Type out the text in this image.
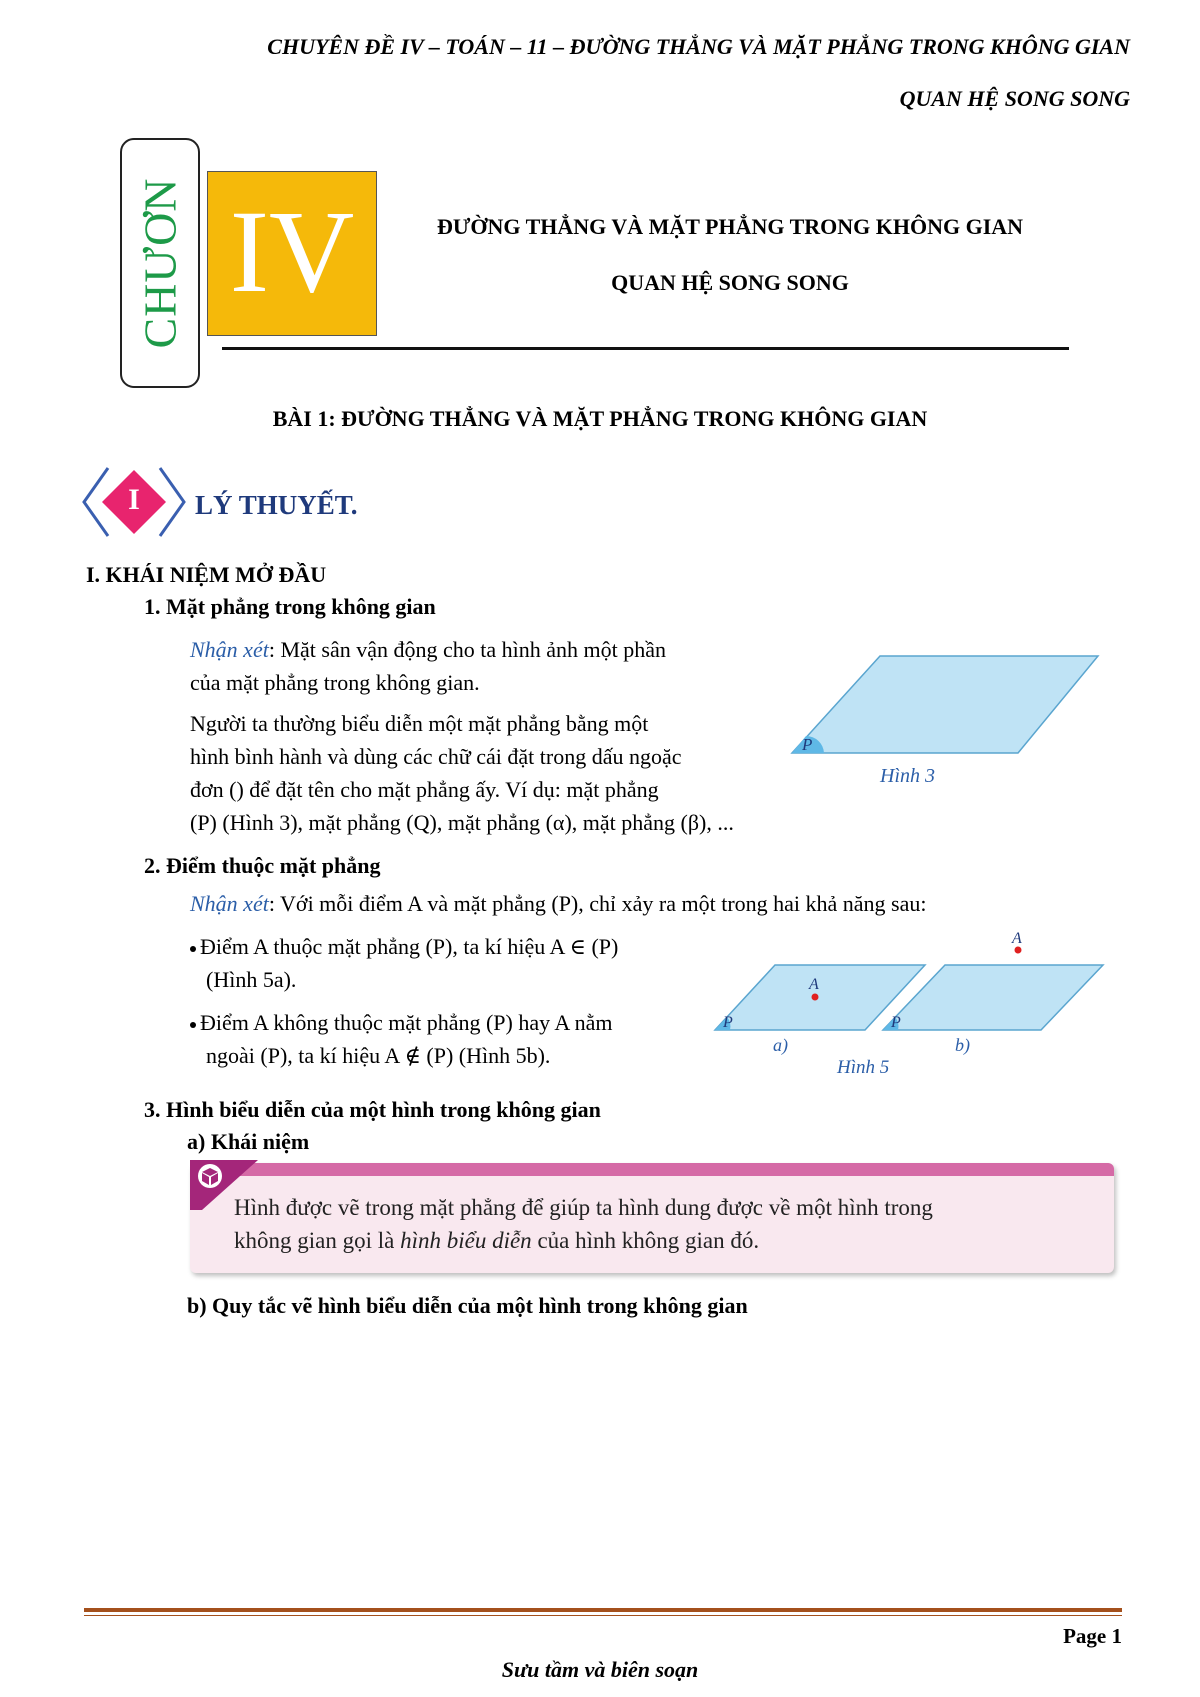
CHUYÊN ĐỀ IV – TOÁN – 11 – ĐƯỜNG THẲNG VÀ MẶT PHẲNG TRONG KHÔNG GIAN
QUAN HỆ SONG SONG
CHƯƠN IV	ĐƯỜNG THẲNG VÀ MẶT PHẲNG TRONG KHÔNG GIAN
QUAN HỆ SONG SONG
BÀI 1: ĐƯỜNG THẲNG VÀ MẶT PHẲNG TRONG KHÔNG GIAN
I LÝ THUYẾT.
I. KHÁI NIỆM MỞ ĐẦU
1. Mặt phẳng trong không gian
Nhận xét: Mặt sân vận động cho ta hình ảnh một phần
của mặt phẳng trong không gian.
Người ta thường biểu diễn một mặt phẳng bằng một
hình bình hành và dùng các chữ cái đặt trong dấu ngoặc
đơn () để đặt tên cho mặt phẳng ấy. Ví dụ: mặt phẳng
(P) (Hình 3), mặt phẳng (Q), mặt phẳng (α), mặt phẳng (β), ...
P
Hình 3
2. Điểm thuộc mặt phẳng
Nhận xét: Với mỗi điểm A và mặt phẳng (P), chỉ xảy ra một trong hai khả năng sau:
Điểm A thuộc mặt phẳng (P), ta kí hiệu A ∈ (P)
(Hình 5a).
Điểm A không thuộc mặt phẳng (P) hay A nằm
ngoài (P), ta kí hiệu A ∉ (P) (Hình 5b).
P
A
P
A
a)	b)
Hình 5
3. Hình biểu diễn của một hình trong không gian
a) Khái niệm
Hình được vẽ trong mặt phẳng để giúp ta hình dung được về một hình trong
không gian gọi là hình biểu diễn của hình không gian đó.
b) Quy tắc vẽ hình biểu diễn của một hình trong không gian
Page 1
Sưu tầm và biên soạn
